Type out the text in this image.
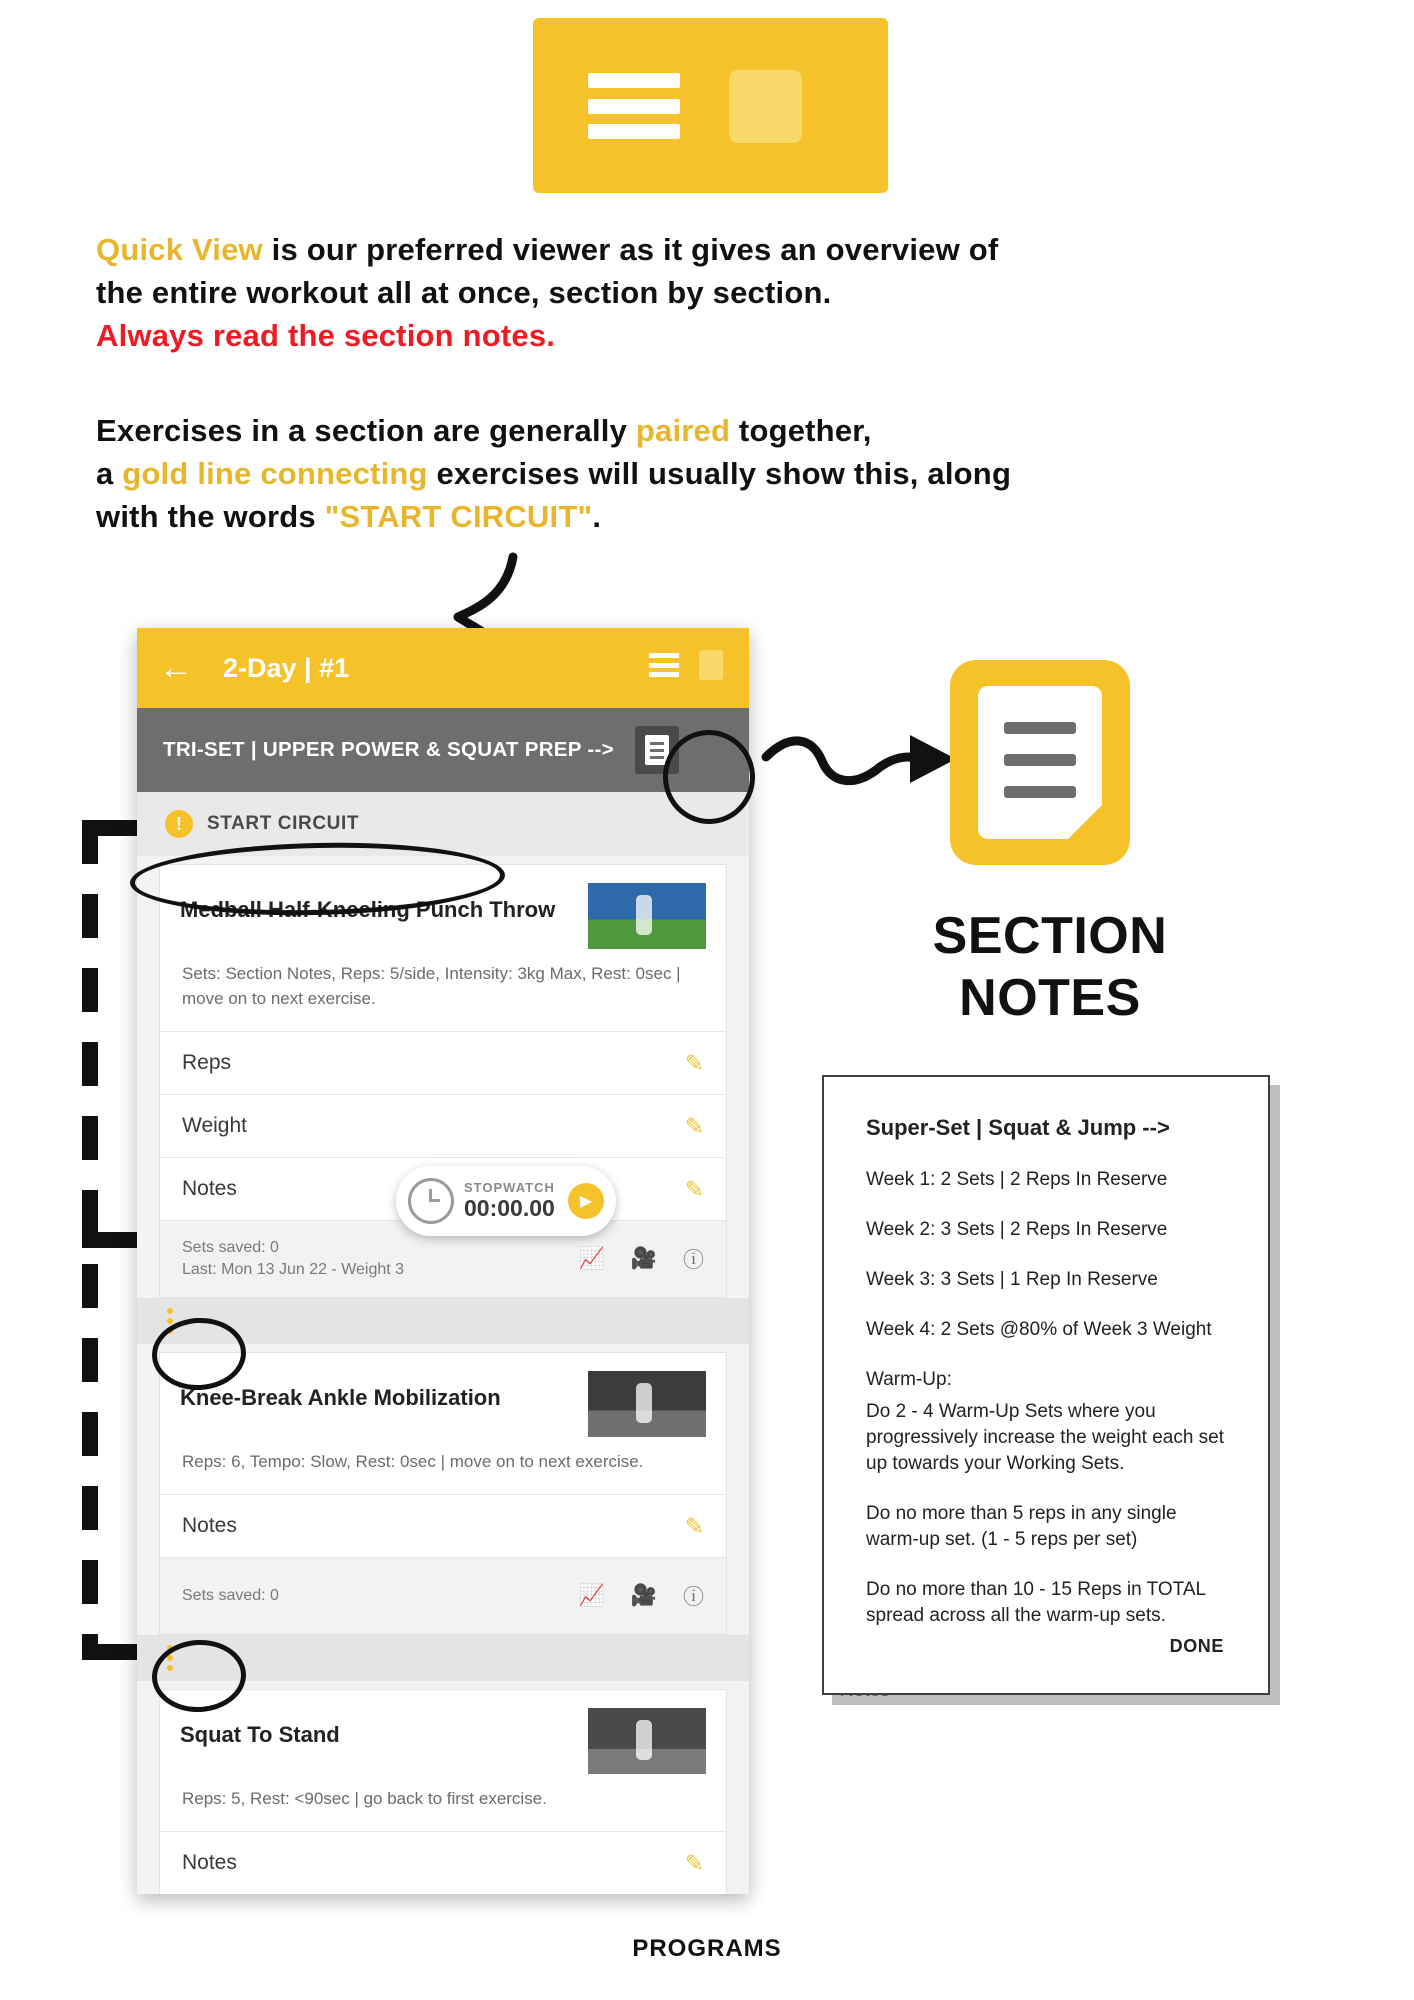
Quick View is our preferred viewer as it gives an overview of

the entire workout all at once, section by section.

Always read the section notes.

Exercises in a section are generally paired together,

a gold line connecting exercises will usually show this, along

with the words "START CIRCUIT".

←	2-Day | #1
TRI-SET | UPPER POWER & SQUAT PREP -->
!	START CIRCUIT
Medball Half-Kneeling Punch Throw
Sets: Section Notes, Reps: 5/side, Intensity: 3kg Max, Rest: 0sec | move on to next exercise.
Reps	✎
Weight	✎
Notes	✎
Sets saved: 0
Last: Mon 13 Jun 22 - Weight 3	📈 🎥 ⓘ
Knee-Break Ankle Mobilization
Reps: 6, Tempo: Slow, Rest: 0sec | move on to next exercise.
Notes	✎
Sets saved: 0	📈 🎥 ⓘ
Squat To Stand
Reps: 5, Rest: <90sec | go back to first exercise.
Notes	✎
STOPWATCH
00:00.00	▶
SECTION
NOTES
Super-Set | Squat & Jump -->

Week 1: 2 Sets | 2 Reps In Reserve

Week 2: 3 Sets | 2 Reps In Reserve

Week 3: 3 Sets | 1 Rep In Reserve

Week 4: 2 Sets @80% of Week 3 Weight

Warm-Up:

Do 2 - 4 Warm-Up Sets where you progressively increase the weight each set up towards your Working Sets.

Do no more than 5 reps in any single warm-up set. (1 - 5 reps per set)

Do no more than 10 - 15 Reps in TOTAL spread across all the warm-up sets.

DONE
PROGRAMS
